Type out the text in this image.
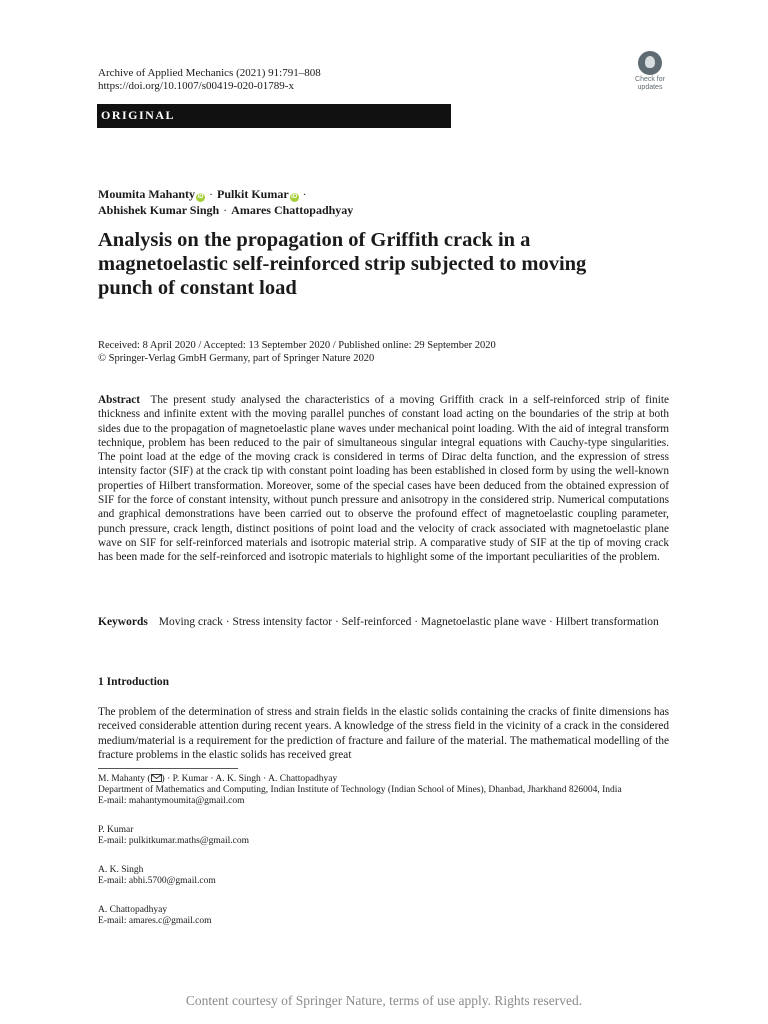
Archive of Applied Mechanics (2021) 91:791–808
https://doi.org/10.1007/s00419-020-01789-x
Check for
updates
ORIGINAL
Moumita Mahanty iD · Pulkit Kumar iD ·
Abhishek Kumar Singh · Amares Chattopadhyay
Analysis on the propagation of Griffith crack in a
magnetoelastic self-reinforced strip subjected to moving
punch of constant load
Received: 8 April 2020 / Accepted: 13 September 2020 / Published online: 29 September 2020
© Springer-Verlag GmbH Germany, part of Springer Nature 2020
Abstract The present study analysed the characteristics of a moving Griffith crack in a self-reinforced strip of finite thickness and infinite extent with the moving parallel punches of constant load acting on the boundaries of the strip at both sides due to the propagation of magnetoelastic plane waves under mechanical point loading. With the aid of integral transform technique, problem has been reduced to the pair of simultaneous singular integral equations with Cauchy-type singularities. The point load at the edge of the moving crack is considered in terms of Dirac delta function, and the expression of stress intensity factor (SIF) at the crack tip with constant point loading has been established in closed form by using the well-known properties of Hilbert transformation. Moreover, some of the special cases have been deduced from the obtained expression of SIF for the force of constant intensity, without punch pressure and anisotropy in the considered strip. Numerical computations and graphical demonstrations have been carried out to observe the profound effect of magnetoelastic coupling parameter, punch pressure, crack length, distinct positions of point load and the velocity of crack associated with magnetoelastic plane wave on SIF for self-reinforced materials and isotropic material strip. A comparative study of SIF at the tip of moving crack has been made for the self-reinforced and isotropic materials to highlight some of the important peculiarities of the problem.
Keywords Moving crack · Stress intensity factor · Self-reinforced · Magnetoelastic plane wave · Hilbert transformation
1 Introduction
The problem of the determination of stress and strain fields in the elastic solids containing the cracks of finite dimensions has received considerable attention during recent years. A knowledge of the stress field in the vicinity of a crack in the considered medium/material is a requirement for the prediction of fracture and failure of the material. The mathematical modelling of the fracture problems in the elastic solids has received great
M. Mahanty ( ) · P. Kumar · A. K. Singh · A. Chattopadhyay
Department of Mathematics and Computing, Indian Institute of Technology (Indian School of Mines), Dhanbad, Jharkhand 826004, India
E-mail: mahantymoumita@gmail.com
P. Kumar
E-mail: pulkitkumar.maths@gmail.com
A. K. Singh
E-mail: abhi.5700@gmail.com
A. Chattopadhyay
E-mail: amares.c@gmail.com
Content courtesy of Springer Nature, terms of use apply. Rights reserved.
